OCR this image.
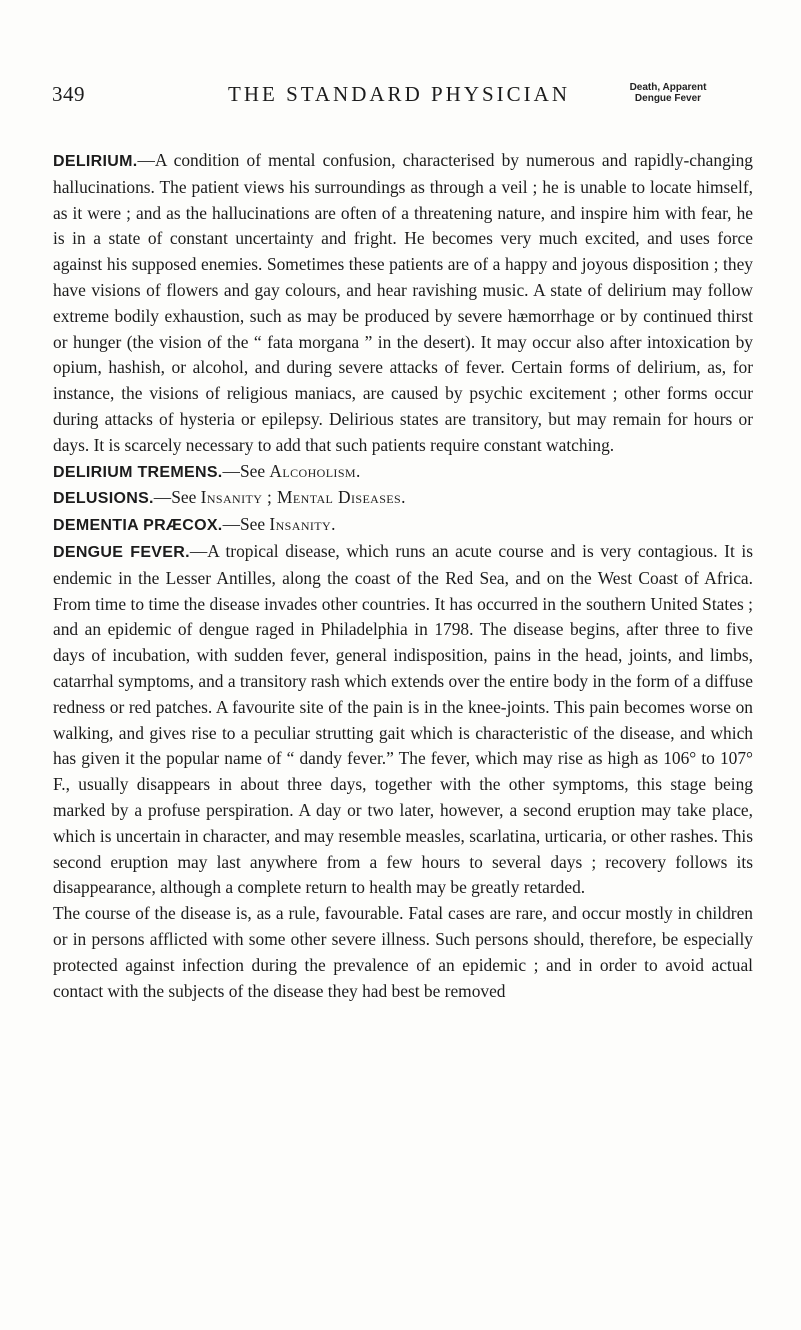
349	THE STANDARD PHYSICIAN	Death, Apparent
Dengue Fever

DELIRIUM.—A condition of mental confusion, characterised by numerous and rapidly-changing hallucinations. The patient views his surroundings as through a veil ; he is unable to locate himself, as it were ; and as the hallucinations are often of a threatening nature, and inspire him with fear, he is in a state of constant uncertainty and fright. He becomes very much excited, and uses force against his supposed enemies. Sometimes these patients are of a happy and joyous disposition ; they have visions of flowers and gay colours, and hear ravishing music. A state of delirium may follow extreme bodily exhaustion, such as may be produced by severe hæmorrhage or by continued thirst or hunger (the vision of the “ fata morgana ” in the desert). It may occur also after intoxication by opium, hashish, or alcohol, and during severe attacks of fever. Certain forms of delirium, as, for instance, the visions of religious maniacs, are caused by psychic excitement ; other forms occur during attacks of hysteria or epilepsy. Delirious states are transitory, but may remain for hours or days. It is scarcely necessary to add that such patients require constant watching.

DELIRIUM TREMENS.—See Alcoholism.

DELUSIONS.—See Insanity ; Mental Diseases.

DEMENTIA PRÆCOX.—See Insanity.

DENGUE FEVER.—A tropical disease, which runs an acute course and is very contagious. It is endemic in the Lesser Antilles, along the coast of the Red Sea, and on the West Coast of Africa. From time to time the disease invades other countries. It has occurred in the southern United States ; and an epidemic of dengue raged in Philadelphia in 1798. The disease begins, after three to five days of incubation, with sudden fever, general indisposition, pains in the head, joints, and limbs, catarrhal symptoms, and a transitory rash which extends over the entire body in the form of a diffuse redness or red patches. A favourite site of the pain is in the knee-joints. This pain becomes worse on walking, and gives rise to a peculiar strutting gait which is characteristic of the disease, and which has given it the popular name of “ dandy fever.” The fever, which may rise as high as 106° to 107° F., usually disappears in about three days, together with the other symptoms, this stage being marked by a profuse perspiration. A day or two later, however, a second eruption may take place, which is uncertain in character, and may resemble measles, scarlatina, urticaria, or other rashes. This second eruption may last anywhere from a few hours to several days ; recovery follows its disappearance, although a complete return to health may be greatly retarded.

The course of the disease is, as a rule, favourable. Fatal cases are rare, and occur mostly in children or in persons afflicted with some other severe illness. Such persons should, therefore, be especially protected against infection during the prevalence of an epidemic ; and in order to avoid actual contact with the subjects of the disease they had best be removed
